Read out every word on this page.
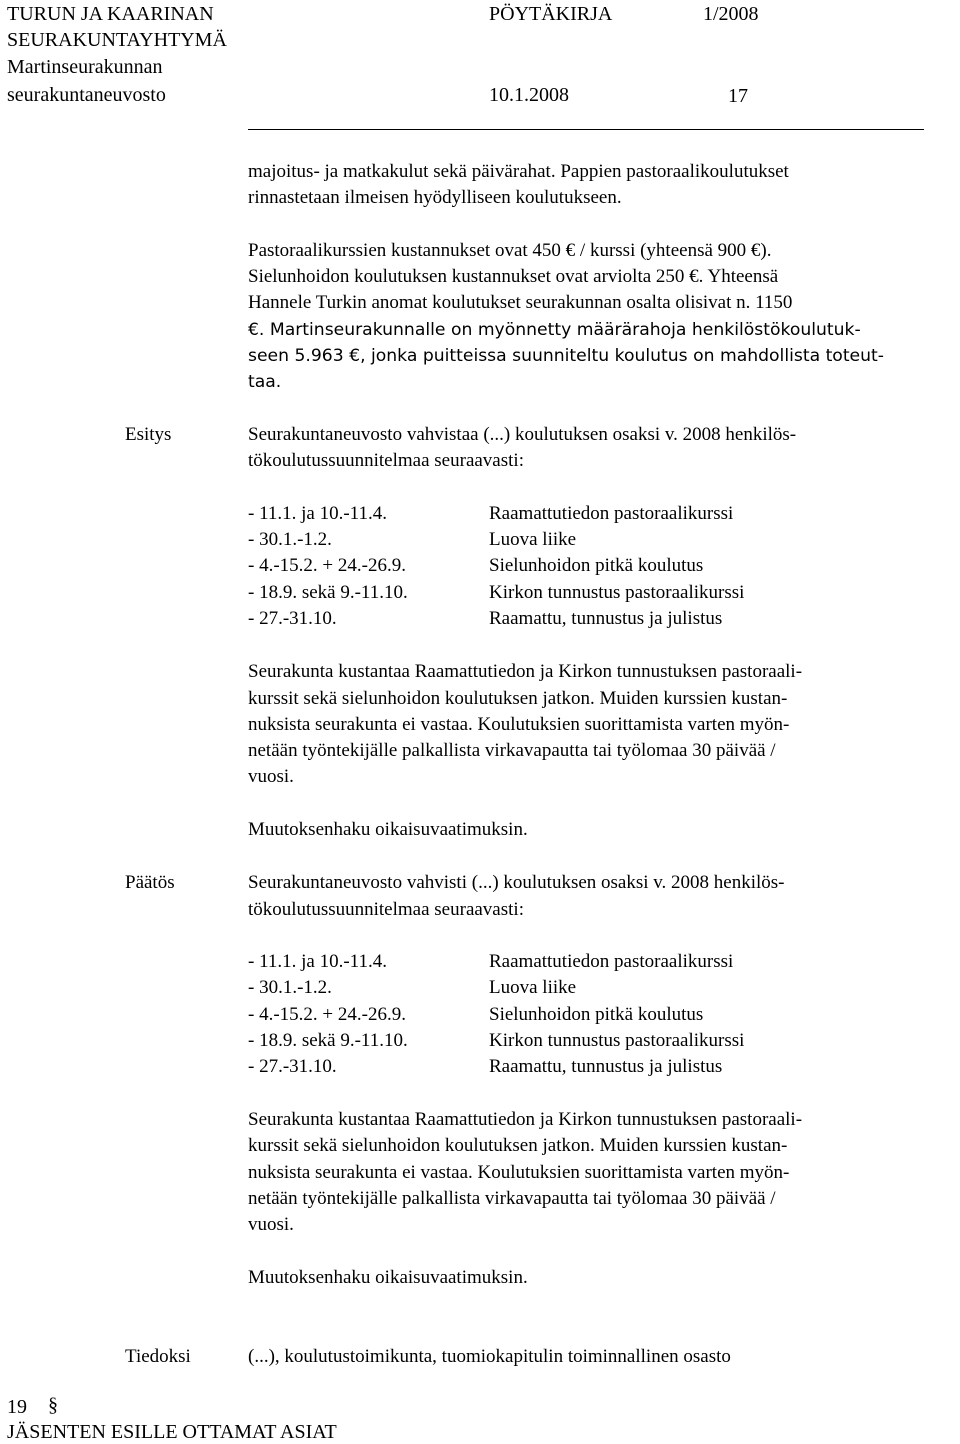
TURUN JA KAARINAN	PÖYTÄKIRJA	1/2008
SEURAKUNTAYHTYMÄ
Martinseurakunnan
seurakuntaneuvosto	10.1.2008	17
majoitus- ja matkakulut sekä päivärahat. Pappien pastoraalikoulutukset
rinnastetaan ilmeisen hyödylliseen koulutukseen.
Pastoraalikurssien kustannukset ovat 450 € / kurssi (yhteensä 900 €).
Sielunhoidon koulutuksen kustannukset ovat arviolta 250 €. Yhteensä
Hannele Turkin anomat koulutukset seurakunnan osalta olisivat n. 1150
€. Martinseurakunnalle on myönnetty määrärahoja henkilöstökoulutuk-
seen 5.963 €, jonka puitteissa suunniteltu koulutus on mahdollista toteut-
taa.
Esitys	Seurakuntaneuvosto vahvistaa (...) koulutuksen osaksi v. 2008 henkilös-
tökoulutussuunnitelmaa seuraavasti:
- 11.1. ja 10.-11.4.	Raamattutiedon pastoraalikurssi
- 30.1.-1.2.	Luova liike
- 4.-15.2. + 24.-26.9.	Sielunhoidon pitkä koulutus
- 18.9. sekä 9.-11.10.	Kirkon tunnustus pastoraalikurssi
- 27.-31.10.	Raamattu, tunnustus ja julistus
Seurakunta kustantaa Raamattutiedon ja Kirkon tunnustuksen pastoraali-
kurssit sekä sielunhoidon koulutuksen jatkon. Muiden kurssien kustan-
nuksista seurakunta ei vastaa. Koulutuksien suorittamista varten myön-
netään työntekijälle palkallista virkavapautta tai työlomaa 30 päivää /
vuosi.
Muutoksenhaku oikaisuvaatimuksin.
Päätös	Seurakuntaneuvosto vahvisti (...) koulutuksen osaksi v. 2008 henkilös-
tökoulutussuunnitelmaa seuraavasti:
- 11.1. ja 10.-11.4.	Raamattutiedon pastoraalikurssi
- 30.1.-1.2.	Luova liike
- 4.-15.2. + 24.-26.9.	Sielunhoidon pitkä koulutus
- 18.9. sekä 9.-11.10.	Kirkon tunnustus pastoraalikurssi
- 27.-31.10.	Raamattu, tunnustus ja julistus
Seurakunta kustantaa Raamattutiedon ja Kirkon tunnustuksen pastoraali-
kurssit sekä sielunhoidon koulutuksen jatkon. Muiden kurssien kustan-
nuksista seurakunta ei vastaa. Koulutuksien suorittamista varten myön-
netään työntekijälle palkallista virkavapautta tai työlomaa 30 päivää /
vuosi.
Muutoksenhaku oikaisuvaatimuksin.
Tiedoksi	(...), koulutustoimikunta, tuomiokapitulin toiminnallinen osasto
19 §
JÄSENTEN ESILLE OTTAMAT ASIAT
